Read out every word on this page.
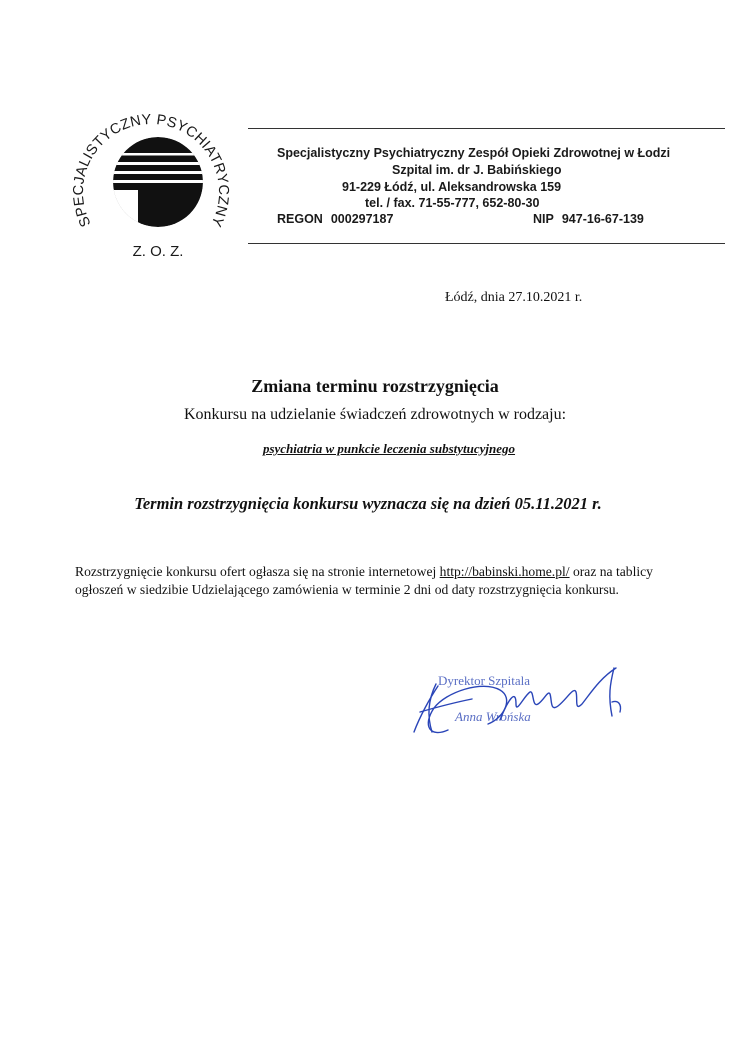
SPECJALISTYCZNY PSYCHIATRYCZNY
Z. O. Z.
Specjalistyczny Psychiatryczny Zespół Opieki Zdrowotnej w Łodzi
Szpital im. dr J. Babińskiego
91-229 Łódź, ul. Aleksandrowska 159
tel. / fax. 71-55-777, 652-80-30
REGON 000297187	NIP 947-16-67-139
Łódź, dnia 27.10.2021 r.
Zmiana terminu rozstrzygnięcia
Konkursu na udzielanie świadczeń zdrowotnych w rodzaju:
psychiatria w punkcie leczenia substytucyjnego
Termin rozstrzygnięcia konkursu wyznacza się na dzień 05.11.2021 r.
Rozstrzygnięcie konkursu ofert ogłasza się na stronie internetowej http://babinski.home.pl/ oraz na tablicy ogłoszeń w siedzibie Udzielającego zamówienia w terminie 2 dni od daty rozstrzygnięcia konkursu.
Dyrektor Szpitala
Anna Wrońska
